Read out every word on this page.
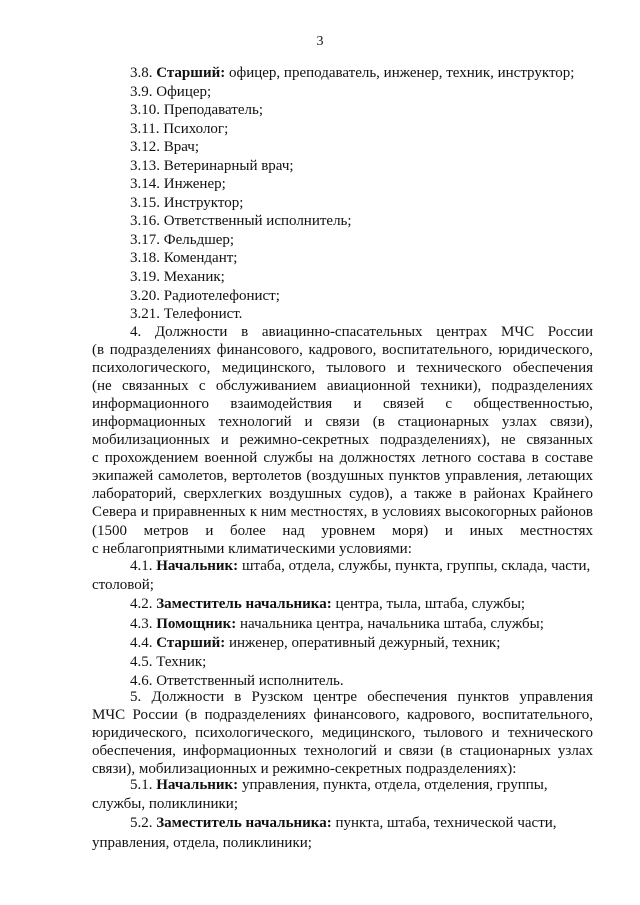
3
3.8. Старший: офицер, преподаватель, инженер, техник, инструктор;
3.9. Офицер;
3.10. Преподаватель;
3.11. Психолог;
3.12. Врач;
3.13. Ветеринарный врач;
3.14. Инженер;
3.15. Инструктор;
3.16. Ответственный исполнитель;
3.17. Фельдшер;
3.18. Комендант;
3.19. Механик;
3.20. Радиотелефонист;
3.21. Телефонист.
4. Должности в авиацинно-спасательных центрах МЧС России
(в подразделениях финансового, кадрового, воспитательного, юридического,
психологического, медицинского, тылового и технического обеспечения
(не связанных с обслуживанием авиационной техники), подразделениях
информационного взаимодействия и связей с общественностью,
информационных технологий и связи (в стационарных узлах связи),
мобилизационных и режимно-секретных подразделениях), не связанных
с прохождением военной службы на должностях летного состава в составе
экипажей самолетов, вертолетов (воздушных пунктов управления, летающих
лабораторий, сверхлегких воздушных судов), а также в районах Крайнего
Севера и приравненных к ним местностях, в условиях высокогорных районов
(1500 метров и более над уровнем моря) и иных местностях
с неблагоприятными климатическими условиями:
4.1. Начальник: штаба, отдела, службы, пункта, группы, склада, части,
столовой;
4.2. Заместитель начальника: центра, тыла, штаба, службы;
4.3. Помощник: начальника центра, начальника штаба, службы;
4.4. Старший: инженер, оперативный дежурный, техник;
4.5. Техник;
4.6. Ответственный исполнитель.
5. Должности в Рузском центре обеспечения пунктов управления
МЧС России (в подразделениях финансового, кадрового, воспитательного,
юридического, психологического, медицинского, тылового и технического
обеспечения, информационных технологий и связи (в стационарных узлах
связи), мобилизационных и режимно-секретных подразделениях):
5.1. Начальник: управления, пункта, отдела, отделения, группы,
службы, поликлиники;
5.2. Заместитель начальника: пункта, штаба, технической части,
управления, отдела, поликлиники;
